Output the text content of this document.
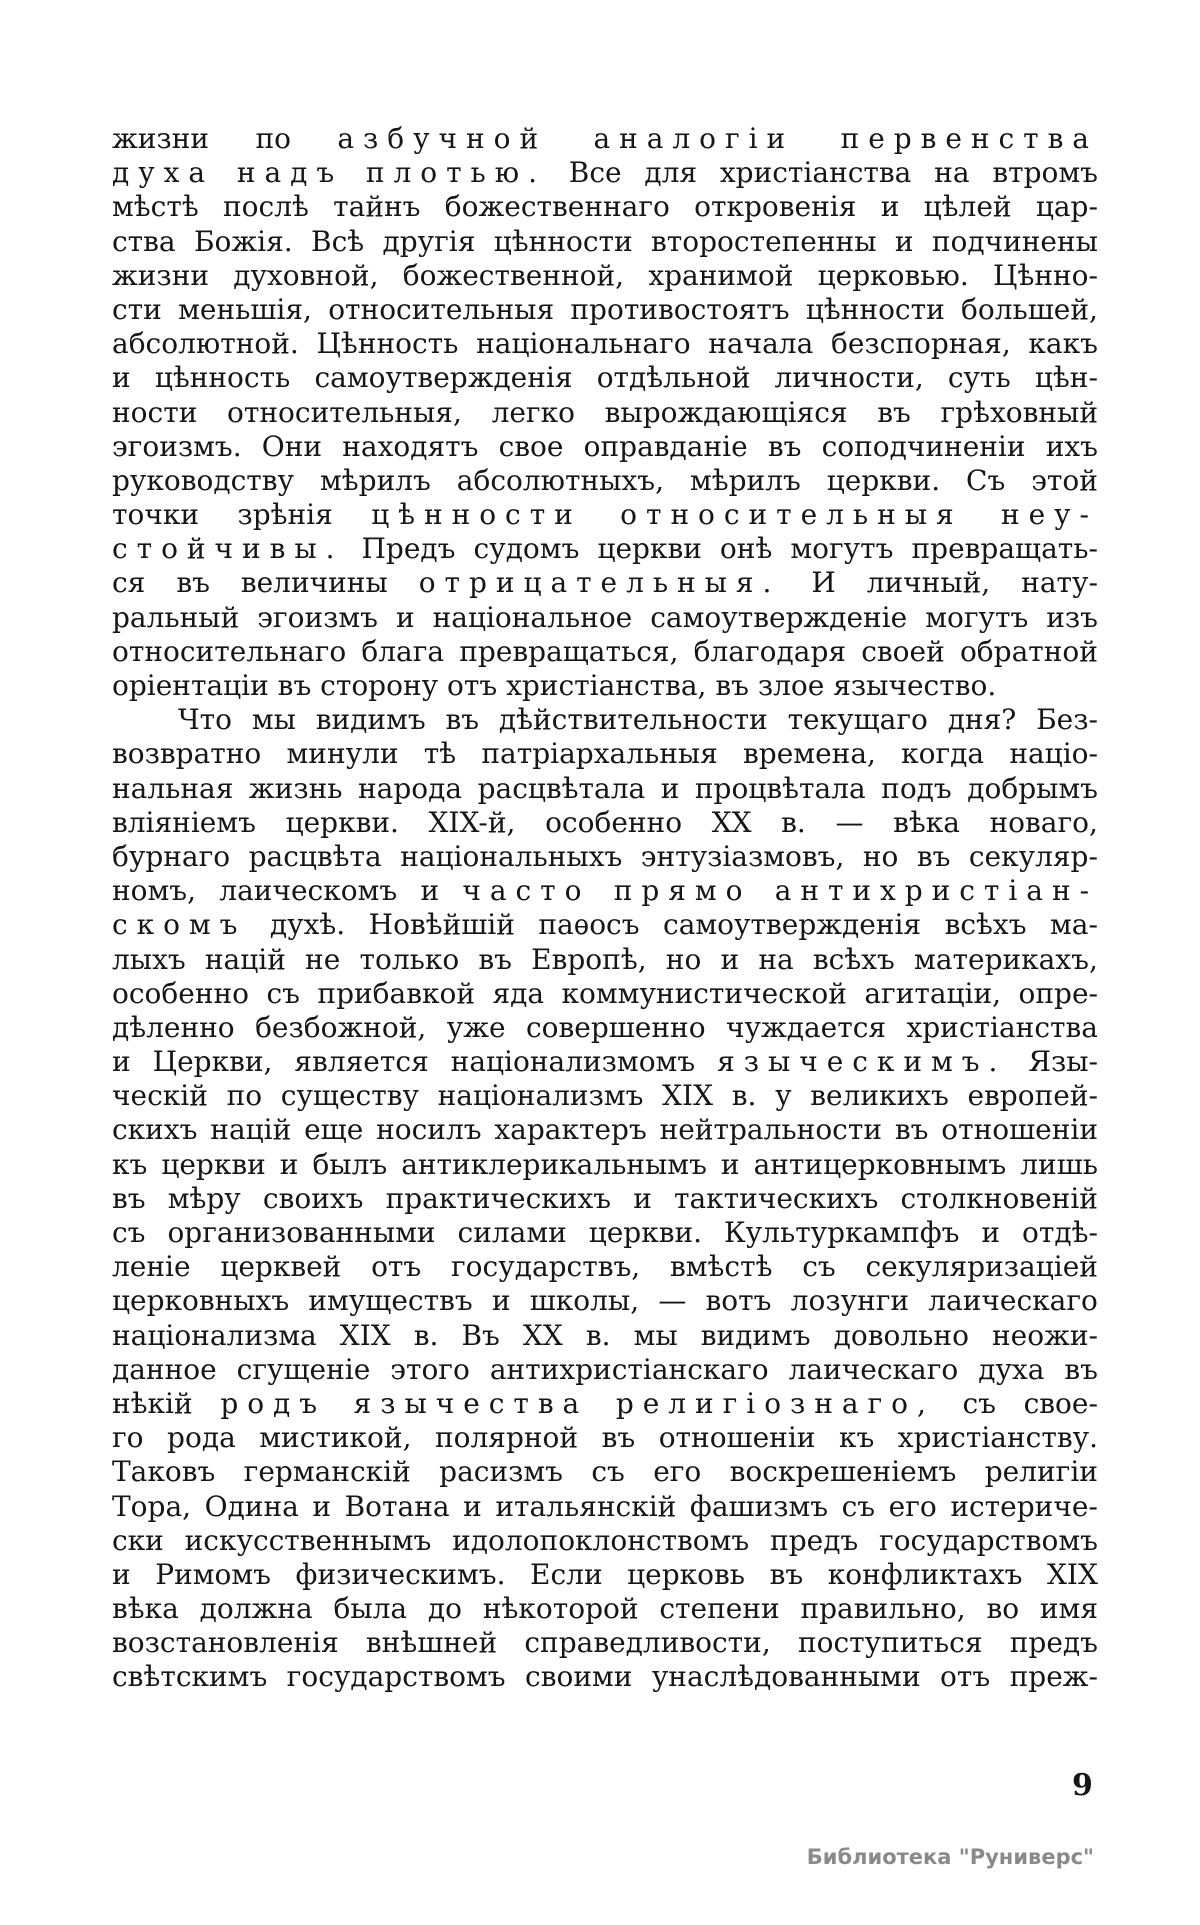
жизни по азбучной аналогіи первенства
духа надъ плотью. Все для христіанства на втромъ
мѣстѣ послѣ тайнъ божественнаго откровенія и цѣлей цар-
ства Божія. Всѣ другія цѣнности второстепенны и подчинены
жизни духовной, божественной, хранимой церковью. Цѣнно-
сти меньшія, относительныя противостоятъ цѣнности большей,
абсолютной. Цѣнность національнаго начала безспорная, какъ
и цѣнность самоутвержденія отдѣльной личности, суть цѣн-
ности относительныя, легко вырождающіяся въ грѣховный
эгоизмъ. Они находятъ свое оправданіе въ соподчиненіи ихъ
руководству мѣрилъ абсолютныхъ, мѣрилъ церкви. Съ этой
точки зрѣнія цѣнности относительныя неу-
стойчивы. Предъ судомъ церкви онѣ могутъ превращать-
ся въ величины отрицательныя. И личный, нату-
ральный эгоизмъ и національное самоутвержденіе могутъ изъ
относительнаго блага превращаться, благодаря своей обратной
оріентаціи въ сторону отъ христіанства, въ злое язычество.
Что мы видимъ въ дѣйствительности текущаго дня? Без-
возвратно минули тѣ патріархальныя времена, когда націо-
нальная жизнь народа расцвѣтала и процвѣтала подъ добрымъ
вліяніемъ церкви. XIX-й, особенно XX в. — вѣка новаго,
бурнаго расцвѣта національныхъ энтузіазмовъ, но въ секуляр-
номъ, лаическомъ и часто прямо антихристіан-
скомъ духѣ. Новѣйшій паѳосъ самоутвержденія всѣхъ ма-
лыхъ націй не только въ Европѣ, но и на всѣхъ материкахъ,
особенно съ прибавкой яда коммунистической агитаціи, опре-
дѣленно безбожной, уже совершенно чуждается христіанства
и Церкви, является націонализмомъ языческимъ. Язы-
ческій по существу націонализмъ XIX в. у великихъ европей-
скихъ націй еще носилъ характеръ нейтральности въ отношеніи
къ церкви и былъ антиклерикальнымъ и антицерковнымъ лишь
въ мѣру своихъ практическихъ и тактическихъ столкновеній
съ организованными силами церкви. Культуркампфъ и отдѣ-
леніе церквей отъ государствъ, вмѣстѣ съ секуляризаціей
церковныхъ имуществъ и школы, — вотъ лозунги лаическаго
націонализма XIX в. Въ XX в. мы видимъ довольно неожи-
данное сгущеніе этого антихристіанскаго лаическаго духа въ
нѣкій родъ язычества религіознаго, съ свое-
го рода мистикой, полярной въ отношеніи къ христіанству.
Таковъ германскій расизмъ съ его воскрешеніемъ религіи
Тора, Одина и Вотана и итальянскій фашизмъ съ его истериче-
ски искусственнымъ идолопоклонствомъ предъ государствомъ
и Римомъ физическимъ. Если церковь въ конфликтахъ XIX
вѣка должна была до нѣкоторой степени правильно, во имя
возстановленія внѣшней справедливости, поступиться предъ
свѣтскимъ государствомъ своими унаслѣдованными отъ преж-
9
Библиотека "Руниверс"
